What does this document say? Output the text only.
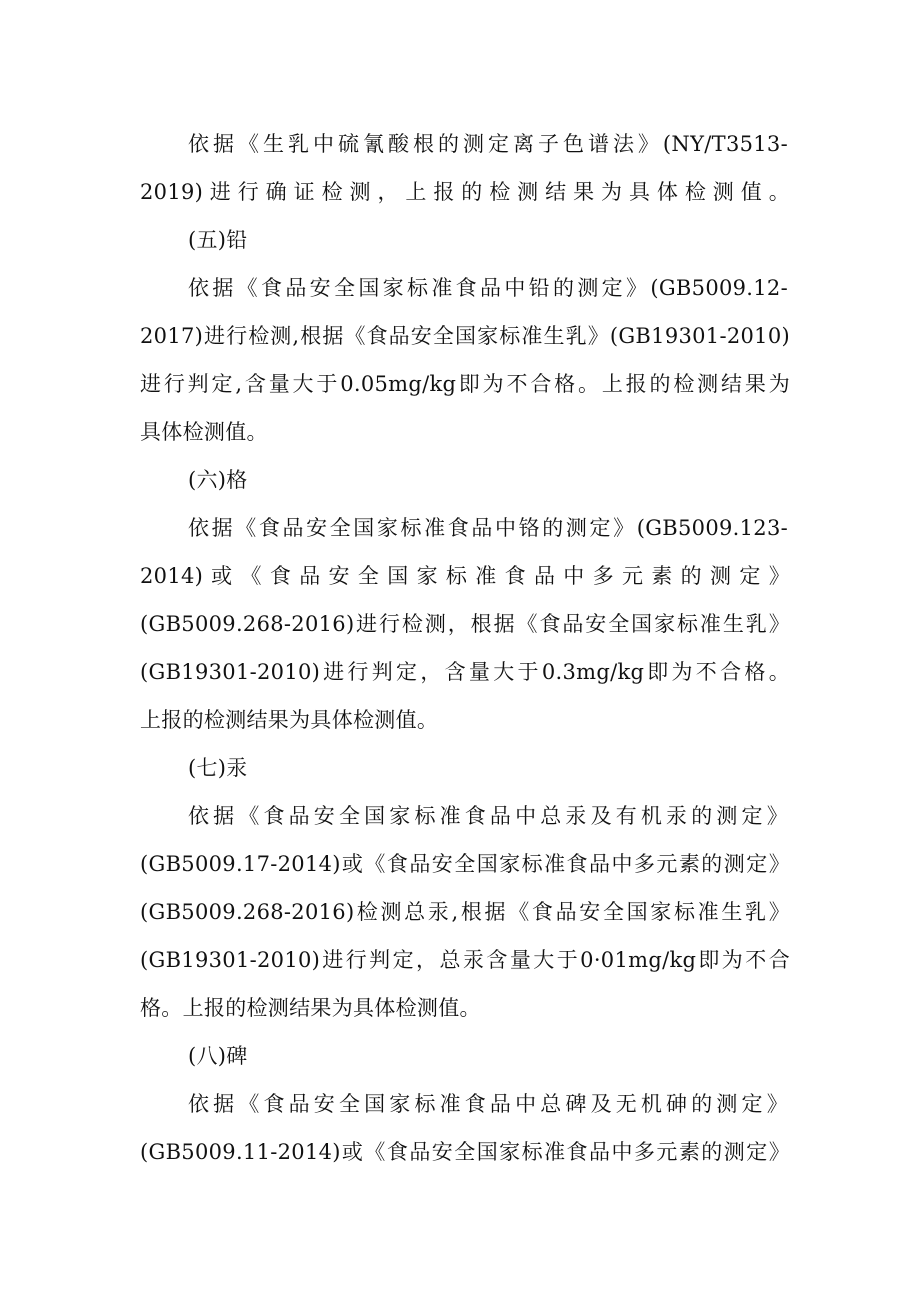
依据《生乳中硫氰酸根的测定离子色谱法》(NY/T3513-
2019)进行确证检测，上报的检测结果为具体检测值。
(五)铅
依据《食品安全国家标准食品中铅的测定》(GB5009.12-
2017)进行检测,根据《食品安全国家标准生乳》(GB19301-2010)
进行判定,含量大于0.05mg/kg即为不合格。上报的检测结果为
具体检测值。
(六)格
依据《食品安全国家标准食品中铬的测定》(GB5009.123-
2014)或《食品安全国家标准食品中多元素的测定》
(GB5009.268-2016)进行检测，根据《食品安全国家标准生乳》
(GB19301-2010)进行判定，含量大于0.3mg/kg即为不合格。
上报的检测结果为具体检测值。
(七)汞
依据《食品安全国家标准食品中总汞及有机汞的测定》
(GB5009.17-2014)或《食品安全国家标准食品中多元素的测定》
(GB5009.268-2016)检测总汞,根据《食品安全国家标准生乳》
(GB19301-2010)进行判定，总汞含量大于0·01mg/kg即为不合
格。上报的检测结果为具体检测值。
(八)碑
依据《食品安全国家标准食品中总碑及无机砷的测定》
(GB5009.11-2014)或《食品安全国家标准食品中多元素的测定》
